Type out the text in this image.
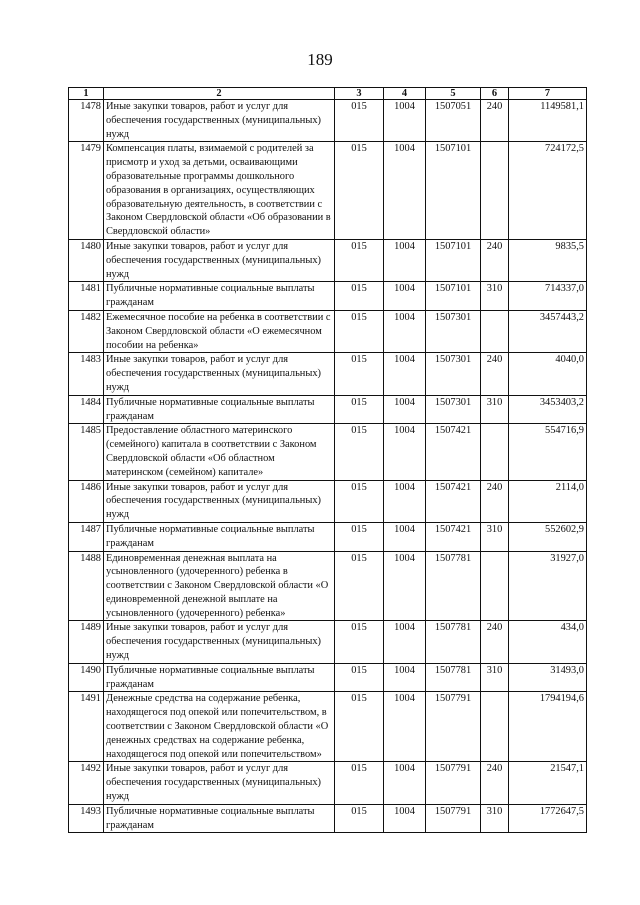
189
1	2	3	4	5	6	7
1478	Иные закупки товаров, работ и услуг для обеспечения государственных (муниципальных) нужд	015	1004	1507051	240	1149581,1
1479	Компенсация платы, взимаемой с родителей за присмотр и уход за детьми, осваивающими образовательные программы дошкольного образования в организациях, осуществляющих образовательную деятельность, в соответствии с Законом Свердловской области «Об образовании в Свердловской области»	015	1004	1507101		724172,5
1480	Иные закупки товаров, работ и услуг для обеспечения государственных (муниципальных) нужд	015	1004	1507101	240	9835,5
1481	Публичные нормативные социальные выплаты гражданам	015	1004	1507101	310	714337,0
1482	Ежемесячное пособие на ребенка в соответствии с Законом Свердловской области «О ежемесячном пособии на ребенка»	015	1004	1507301		3457443,2
1483	Иные закупки товаров, работ и услуг для обеспечения государственных (муниципальных) нужд	015	1004	1507301	240	4040,0
1484	Публичные нормативные социальные выплаты гражданам	015	1004	1507301	310	3453403,2
1485	Предоставление областного материнского (семейного) капитала в соответствии с Законом Свердловской области «Об областном материнском (семейном) капитале»	015	1004	1507421		554716,9
1486	Иные закупки товаров, работ и услуг для обеспечения государственных (муниципальных) нужд	015	1004	1507421	240	2114,0
1487	Публичные нормативные социальные выплаты гражданам	015	1004	1507421	310	552602,9
1488	Единовременная денежная выплата на усыновленного (удочеренного) ребенка в соответствии с Законом Свердловской области «О единовременной денежной выплате на усыновленного (удочеренного) ребенка»	015	1004	1507781		31927,0
1489	Иные закупки товаров, работ и услуг для обеспечения государственных (муниципальных) нужд	015	1004	1507781	240	434,0
1490	Публичные нормативные социальные выплаты гражданам	015	1004	1507781	310	31493,0
1491	Денежные средства на содержание ребенка, находящегося под опекой или попечительством, в соответствии с Законом Свердловской области «О денежных средствах на содержание ребенка, находящегося под опекой или попечительством»	015	1004	1507791		1794194,6
1492	Иные закупки товаров, работ и услуг для обеспечения государственных (муниципальных) нужд	015	1004	1507791	240	21547,1
1493	Публичные нормативные социальные выплаты гражданам	015	1004	1507791	310	1772647,5
